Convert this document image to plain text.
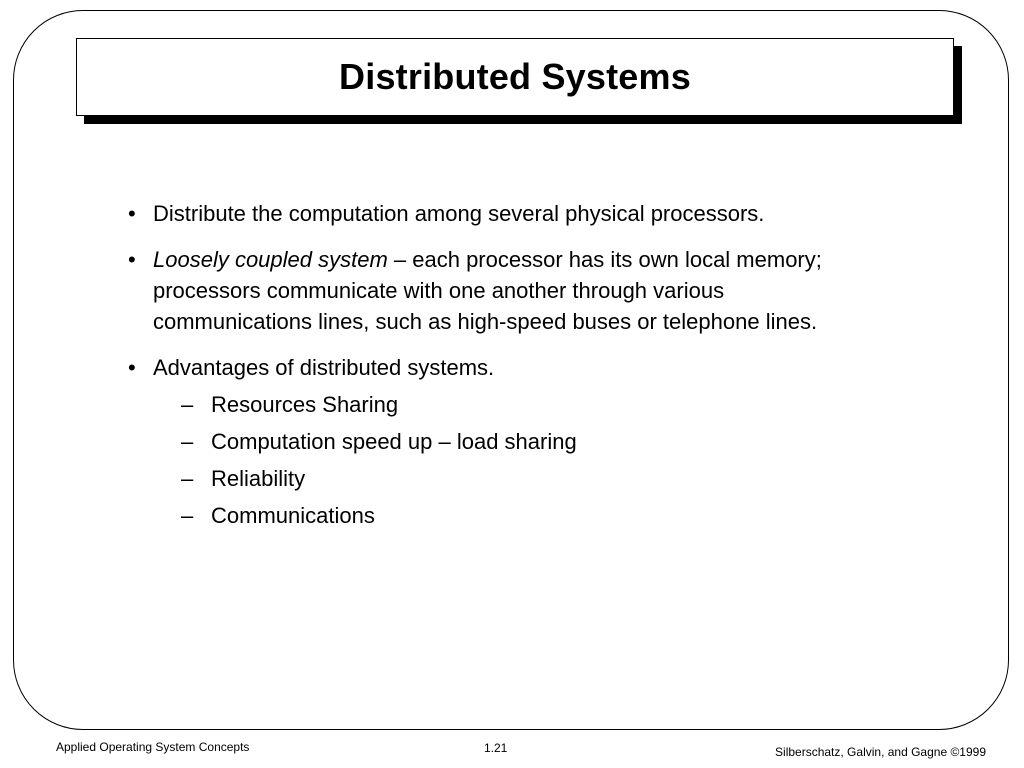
Distributed Systems
• Distribute the computation among several physical processors.
• Loosely coupled system – each processor has its own local memory; processors communicate with one another through various communications lines, such as high-speed buses or telephone lines.
• Advantages of distributed systems.
– Resources Sharing
– Computation speed up – load sharing
– Reliability
– Communications
Applied Operating System Concepts	1.21	Silberschatz, Galvin, and Gagne ©1999
